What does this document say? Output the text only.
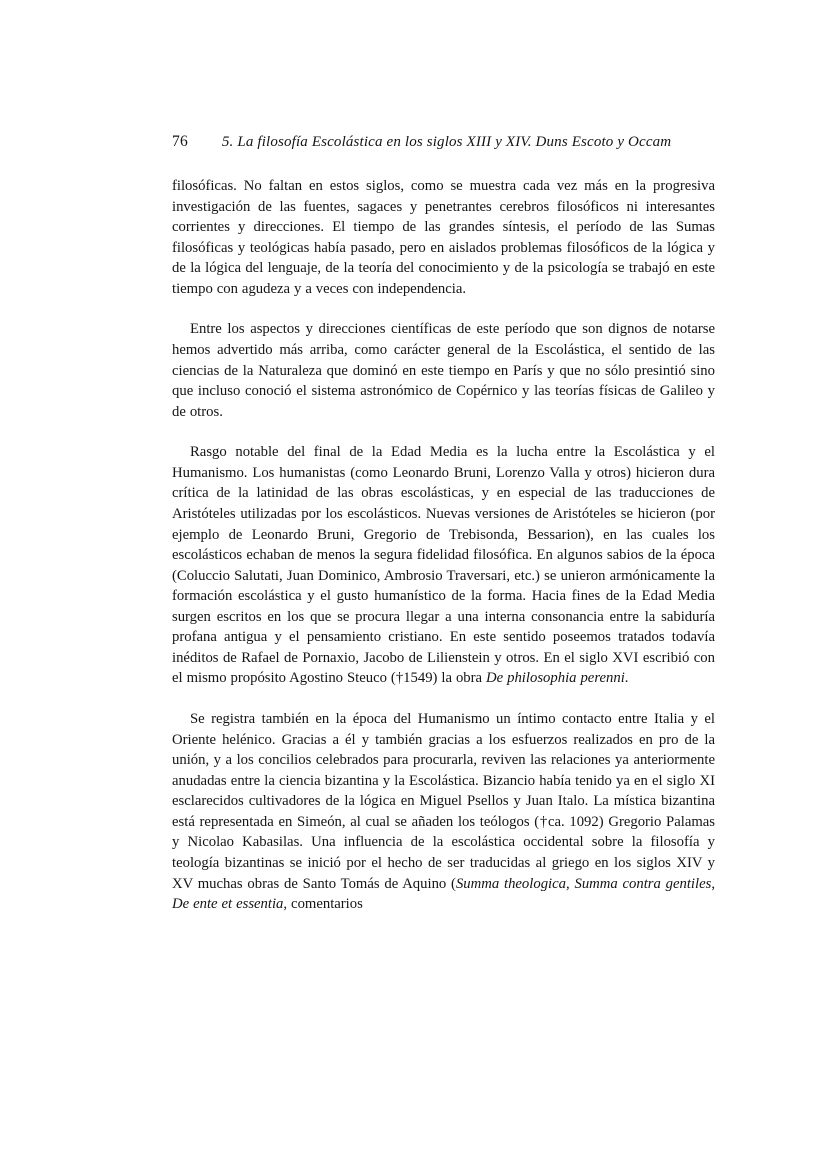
76 5. La filosofía Escolástica en los siglos XIII y XIV. Duns Escoto y Occam

filosóficas. No faltan en estos siglos, como se muestra cada vez más en la progresiva investigación de las fuentes, sagaces y penetrantes cerebros filosóficos ni interesantes corrientes y direcciones. El tiempo de las grandes síntesis, el período de las Sumas filosóficas y teológicas había pasado, pero en aislados problemas filosóficos de la lógica y de la lógica del lenguaje, de la teoría del conocimiento y de la psicología se trabajó en este tiempo con agudeza y a veces con independencia.

Entre los aspectos y direcciones científicas de este período que son dignos de notarse hemos advertido más arriba, como carácter general de la Escolástica, el sentido de las ciencias de la Naturaleza que dominó en este tiempo en París y que no sólo presintió sino que incluso conoció el sistema astronómico de Copérnico y las teorías físicas de Galileo y de otros.

Rasgo notable del final de la Edad Media es la lucha entre la Escolástica y el Humanismo. Los humanistas (como Leonardo Bruni, Lorenzo Valla y otros) hicieron dura crítica de la latinidad de las obras escolásticas, y en especial de las traducciones de Aristóteles utilizadas por los escolásticos. Nuevas versiones de Aristóteles se hicieron (por ejemplo de Leonardo Bruni, Gregorio de Trebisonda, Bessarion), en las cuales los escolásticos echaban de menos la segura fidelidad filosófica. En algunos sabios de la época (Coluccio Salutati, Juan Dominico, Ambrosio Traversari, etc.) se unieron armónicamente la formación escolástica y el gusto humanístico de la forma. Hacia fines de la Edad Media surgen escritos en los que se procura llegar a una interna consonancia entre la sabiduría profana antigua y el pensamiento cristiano. En este sentido poseemos tratados todavía inéditos de Rafael de Pornaxio, Jacobo de Lilienstein y otros. En el siglo XVI escribió con el mismo propósito Agostino Steuco (†1549) la obra De philosophia perenni.

Se registra también en la época del Humanismo un íntimo contacto entre Italia y el Oriente helénico. Gracias a él y también gracias a los esfuerzos realizados en pro de la unión, y a los concilios celebrados para procurarla, reviven las relaciones ya anteriormente anudadas entre la ciencia bizantina y la Escolástica. Bizancio había tenido ya en el siglo XI esclarecidos cultivadores de la lógica en Miguel Psellos y Juan Italo. La mística bizantina está representada en Simeón, al cual se añaden los teólogos (†ca. 1092) Gregorio Palamas y Nicolao Kabasilas. Una influencia de la escolástica occidental sobre la filosofía y teología bizantinas se inició por el hecho de ser traducidas al griego en los siglos XIV y XV muchas obras de Santo Tomás de Aquino (Summa theologica, Summa contra gentiles, De ente et essentia, comentarios
